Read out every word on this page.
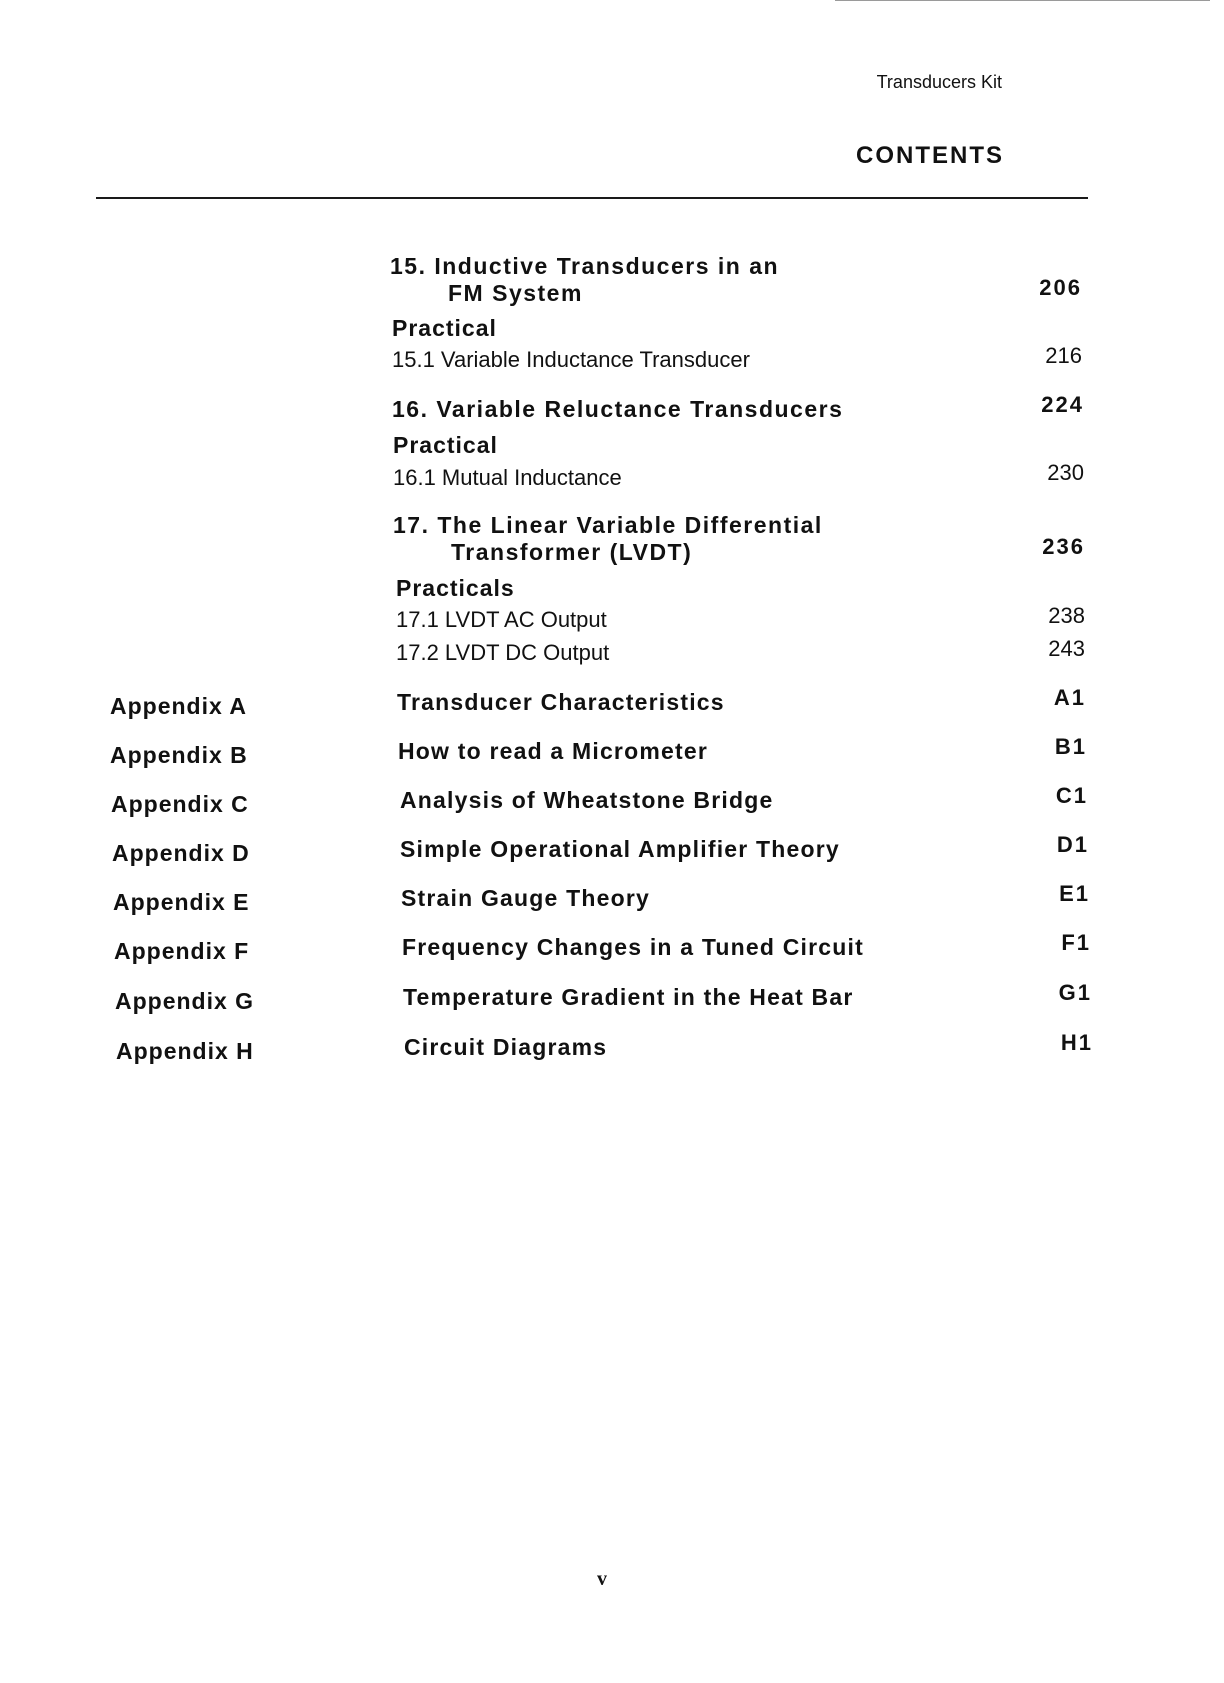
Transducers Kit
CONTENTS
15. Inductive Transducers in an
FM System	206
Practical
15.1 Variable Inductance Transducer	216
16. Variable Reluctance Transducers	224
Practical
16.1 Mutual Inductance	230
17. The Linear Variable Differential
Transformer (LVDT)	236
Practicals
17.1 LVDT AC Output	238
17.2 LVDT DC Output	243
Appendix A	Transducer Characteristics	A1
Appendix B	How to read a Micrometer	B1
Appendix C	Analysis of Wheatstone Bridge	C1
Appendix D	Simple Operational Amplifier Theory	D1
Appendix E	Strain Gauge Theory	E1
Appendix F	Frequency Changes in a Tuned Circuit	F1
Appendix G	Temperature Gradient in the Heat Bar	G1
Appendix H	Circuit Diagrams	H1
v
